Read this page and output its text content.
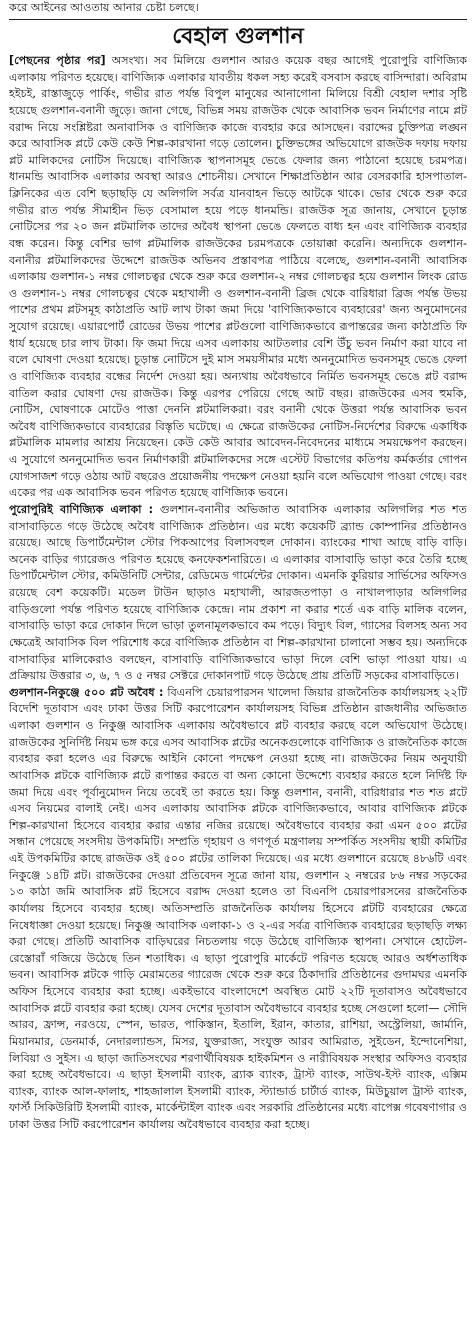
করে আইনের আওতায় আনার চেষ্টা চলছে।
বেহাল গুলশান

[পেছনের পৃষ্ঠার পর] অসংখ্য। সব মিলিয়ে গুলশান আরও কয়েক বছর আগেই পুরোপুরি বাণিজ্যিক এলাকায় পরিণত হয়েছে। বাণিজ্যিক এলাকার যাবতীয় ধকল সহ্য করেই বসবাস করছে বাসিন্দারা। অবিরাম হইচই, রাস্তাজুড়ে পার্কিং, গভীর রাত পর্যন্ত বিপুল মানুষের আনাগোনা মিলিয়ে বিশ্রী বেহাল দশার সৃষ্টি হয়েছে গুলশান-বনানী জুড়ে। জানা গেছে, বিভিন্ন সময় রাজউক থেকে আবাসিক ভবন নির্মাণের নামে প্লট বরাদ্দ নিয়ে সংশ্লিষ্টরা অনাবাসিক ও বাণিজ্যিক কাজে ব্যবহার করে আসছেন। বরাদ্দের চুক্তিপত্র লঙ্ঘন করে আবাসিক প্লটে কেউ কেউ শিল্প-কারখানা গড়ে তোলেন। চুক্তিভঙ্গের অভিযোগে রাজউক দফায় দফায় প্লট মালিকদের নোটিস দিয়েছে। বাণিজ্যিক স্থাপনাসমূহ ভেঙে ফেলার জন্য পাঠানো হয়েছে চরমপত্র। ধানমন্ডি আবাসিক এলাকার অবস্থা আরও শোচনীয়। সেখানে শিক্ষাপ্রতিষ্ঠান আর বেসরকারি হাসপাতাল-ক্লিনিকের এত বেশি ছড়াছড়ি যে অলিগলি সর্বত্র যানবাহন ভিড়ে আটকে থাকে। ভোর থেকে শুরু করে গভীর রাত পর্যন্ত সীমাহীন ভিড় বেসামাল হয়ে পড়ে ধানমন্ডি। রাজউক সূত্র জানায়, সেখানে চূড়ান্ত নোটিসের পর ২০ জন প্লটমালিক তাদের অবৈধ স্থাপনা ভেঙে ফেলতে বাধ্য হন এবং বাণিজ্যিক ব্যবহার বন্ধ করেন। কিন্তু বেশির ভাগ প্লটমালিক রাজউকের চরমপত্রকে তোয়াক্কা করেনি। অন্যদিকে গুলশান-বনানীর প্লটমালিকদের উদ্দেশে রাজউক অভিনব প্রস্তাবপত্র পাঠিয়ে বলেছে, গুলশান-বনানী আবাসিক এলাকায় গুলশান-১ নম্বর গোলচত্বর থেকে শুরু করে গুলশান-২ নম্বর গোলচত্বর হয়ে গুলশান লিংক রোড ও গুলশান-১ নম্বর গোলচত্বর থেকে মহাখালী ও গুলশান-বনানী ব্রিজ থেকে বারিধারা ব্রিজ পর্যন্ত উভয় পাশের প্রথম প্লটসমূহ কাঠাপ্রতি আট লাখ টাকা জমা দিয়ে 'বাণিজ্যিকভাবে ব্যবহারের' জন্য অনুমোদনের সুযোগ রয়েছে। এয়ারপোর্ট রোডের উভয় পাশের প্লটগুলো বাণিজ্যিকভাবে রূপান্তরের জন্য কাঠাপ্রতি ফি ধার্য হয়েছে চার লাখ টাকা। ফি জমা দিয়ে এসব এলাকায় আটতলার বেশি উঁচু ভবন নির্মাণ করা যাবে না বলে ঘোষণা দেওয়া হয়েছে। চূড়ান্ত নোটিসে দুই মাস সময়সীমার মধ্যে অননুমোদিত ভবনসমূহ ভেঙে ফেলা ও বাণিজ্যিক ব্যবহার বন্ধের নির্দেশ দেওয়া হয়। অন্যথায় অবৈধভাবে নির্মিত ভবনসমূহ ভেঙে প্লট বরাদ্দ বাতিল করার ঘোষণা দেয় রাজউক। কিন্তু এরপর পেরিয়ে গেছে আট বছর। রাজউকের এসব হুমকি, নোটিস, ঘোষণাকে মোটেও পাত্তা দেননি প্লটমালিকরা। বরং বনানী থেকে উত্তরা পর্যন্ত আবাসিক ভবন অবৈধ বাণিজ্যিকভাবে ব্যবহারের বিস্তৃতি ঘটেছে। এ ক্ষেত্রে রাজউকের নোটিস-নির্দেশের বিরুদ্ধে একাধিক প্লটমালিক মামলার আশ্রয় নিয়েছেন। কেউ কেউ আবার আবেদন-নিবেদনের মাধ্যমে সময়ক্ষেপণ করছেন। এ সুযোগে অননুমোদিত ভবন নির্মাণকারী প্লটমালিকদের সঙ্গে এস্টেট বিভাগের কতিপয় কর্মকর্তার গোপন যোগসাজশ গড়ে ওঠায় আট বছরেও প্রয়োজনীয় পদক্ষেপ নেওয়া হয়নি বলে অভিযোগ পাওয়া গেছে। বরং একের পর এক আবাসিক ভবন পরিণত হয়েছে বাণিজ্যিক ভবনে।

পুরোপুরিই বাণিজ্যিক এলাকা : গুলশান-বনানীর অভিজাত আবাসিক এলাকার অলিগলির শত শত বাসাবাড়িতে গড়ে উঠেছে অবৈধ বাণিজ্যিক প্রতিষ্ঠান। এর মধ্যে কয়েকটি ব্র্যান্ড কোম্পানির প্রতিষ্ঠানও রয়েছে। আছে ডিপার্টমেন্টাল স্টোর পিকআপের বিলাসবহুল দোকান। ব্যাংকের শাখা আছে বাড়ি বাড়ি। অনেক বাড়ির গ্যারেজও পরিণত হয়েছে কনফেকশনারিতে। এ এলাকার বাসাবাড়ি ভাড়া করে তৈরি হচ্ছে ডিপার্টমেন্টাল স্টোর, কমিউনিটি সেন্টার, রেডিমেড গার্মেন্টের দোকান। এমনকি কুরিয়ার সার্ভিসের অফিসও রয়েছে বেশ কয়েকটি। মডেল টাউন ছাড়াও মহাখালী, আরজতপাড়া ও নাখালপাড়ার অলিগলির বাড়িগুলো পর্যন্ত পরিণত হয়েছে বাণিজ্যিক কেন্দ্রে। নাম প্রকাশ না করার শর্তে এক বাড়ি মালিক বলেন, বাসাবাড়ি ভাড়া করে দোকান দিলে ভাড়া তুলনামূলকভাবে কম পড়ে। বিদ্যুৎ বিল, গ্যাসের বিলসহ অন্য সব ক্ষেত্রেই আবাসিক বিল পরিশোধ করে বাণিজ্যিক প্রতিষ্ঠান বা শিল্প-কারখানা চালানো সম্ভব হয়। অন্যদিকে বাসাবাড়ির মালিকেরাও বলছেন, বাসাবাড়ি বাণিজ্যিকভাবে ভাড়া দিলে বেশি ভাড়া পাওয়া যায়। এ প্রক্রিয়ায় উত্তরার ৩, ৬, ৭ ও ৫ নম্বর সেক্টরে দোকানপাট গড়ে উঠেছে প্রায় প্রতিটি সড়কের বাসাবাড়িতে।

গুলশান-নিকুঞ্জে ৫০০ প্লট অবৈধ : বিএনপি চেয়ারপারসন খালেদা জিয়ার রাজনৈতিক কার্যালয়সহ ২২টি বিদেশি দূতাবাস এবং ঢাকা উত্তর সিটি করপোরেশন কার্যালয়সহ বিভিন্ন প্রতিষ্ঠান রাজধানীর অভিজাত এলাকা গুলশান ও নিকুঞ্জ আবাসিক এলাকায় অবৈধভাবে প্লট ব্যবহার করছে বলে অভিযোগ উঠেছে। রাজউকের সুনির্দিষ্ট নিয়ম ভঙ্গ করে এসব আবাসিক প্লটের অনেকগুলোকে বাণিজ্যিক ও রাজনৈতিক কাজে ব্যবহার করা হলেও এর বিরুদ্ধে আইনি কোনো পদক্ষেপ নেওয়া হচ্ছে না। রাজউকের নিয়ম অনুযায়ী আবাসিক প্লটকে বাণিজ্যিক প্লটে রূপান্তর করতে বা অন্য কোনো উদ্দেশ্যে ব্যবহার করতে হলে নির্দিষ্ট ফি জমা দিয়ে এবং পূর্বানুমোদন নিয়ে তবেই তা করতে হয়। কিন্তু গুলশান, বনানী, বারিধারার শত শত প্লটে এসব নিয়মের বালাই নেই। এসব এলাকায় আবাসিক প্লটকে বাণিজ্যিকভাবে, আবার বাণিজ্যিক প্লটকে শিল্প-কারখানা হিসেবে ব্যবহার করার এন্তার নজির রয়েছে। অবৈধভাবে ব্যবহার করা এমন ৫০০ প্লটের সন্ধান পেয়েছে সংসদীয় উপকমিটি। সম্প্রতি গৃহায়ণ ও গণপূর্ত মন্ত্রণালয় সম্পর্কিত সংসদীয় স্থায়ী কমিটির এই উপকমিটির কাছে রাজউক ওই ৫০০ প্লটের তালিকা দিয়েছে। এর মধ্যে গুলশানে রয়েছে ৪৮৬টি এবং নিকুঞ্জে ১৪টি প্লট। রাজউকের দেওয়া প্রতিবেদন সূত্রে জানা যায়, গুলশান ২ নম্বরের ৮৬ নম্বর সড়কের ১৩ কাঠা জমি আবাসিক প্লট হিসেবে বরাদ্দ দেওয়া হলেও তা বিএনপি চেয়ারপারসনের রাজনৈতিক কার্যালয় হিসেবে ব্যবহার হচ্ছে। অতিসম্প্রতি রাজনৈতিক কার্যালয় হিসেবে প্লটটি ব্যবহারের ক্ষেত্রে নিষেধাজ্ঞা দেওয়া হয়েছে। নিকুঞ্জ আবাসিক এলাকা-১ ও ২-এর সর্বত্র বাণিজ্যিক ব্যবহারের ছড়াছড়ি লক্ষ্য করা গেছে। প্রতিটি আবাসিক বাড়িঘরের নিচতলায় গড়ে উঠেছে বাণিজ্যিক স্থাপনা। সেখানে হোটেল-রেস্তোরাঁ গজিয়ে উঠেছে তিন শতাধিক। এ ছাড়া পুরোপুরি মার্কেটে পরিণত হয়েছে আরও অর্ধশতাধিক ভবন। আবাসিক প্লটকে গাড়ি মেরামতের গ্যারেজ থেকে শুরু করে ঠিকাদারি প্রতিষ্ঠানের গুদামঘর এমনকি অফিস হিসেবে ব্যবহার করা হচ্ছে। একইভাবে বাংলাদেশে অবস্থিত মোট ২২টি দূতাবাসও অবৈধভাবে আবাসিক প্লটে ব্যবহার করা হচ্ছে। যেসব দেশের দূতাবাস অবৈধভাবে ব্যবহার হচ্ছে সেগুলো হলো— সৌদি আরব, ফ্রান্স, নরওয়ে, স্পেন, ভারত, পাকিস্তান, ইতালি, ইরান, কাতার, রাশিয়া, অস্ট্রেলিয়া, জার্মানি, মিয়ানমার, ডেনমার্ক, নেদারল্যান্ডস, মিসর, যুক্তরাজ্য, সংযুক্ত আরব আমিরাত, সুইডেন, ইন্দোনেশিয়া, লিবিয়া ও সুইস। এ ছাড়া জাতিসংঘের শরণার্থীবিষয়ক হাইকমিশন ও নারীবিষয়ক সংস্থার অফিসও ব্যবহার করা হচ্ছে অবৈধভাবে। এ ছাড়া ইসলামী ব্যাংক, ব্র্যাক ব্যাংক, ট্রাস্ট ব্যাংক, সাউথ-ইস্ট ব্যাংক, এক্সিম ব্যাংক, ব্যাংক আল-ফালাহ, শাহজালাল ইসলামী ব্যাংক, স্ট্যান্ডার্ড চার্টার্ড ব্যাংক, মিউচুয়াল ট্রাস্ট ব্যাংক, ফার্স্ট সিকিউরিটি ইসলামী ব্যাংক, মার্কেন্টাইল ব্যাংক এবং সরকারি প্রতিষ্ঠানের মধ্যে বাপেক্স গবেষণাগার ও ঢাকা উত্তর সিটি করপোরেশন কার্যালয় অবৈধভাবে ব্যবহার করা হচ্ছে।
